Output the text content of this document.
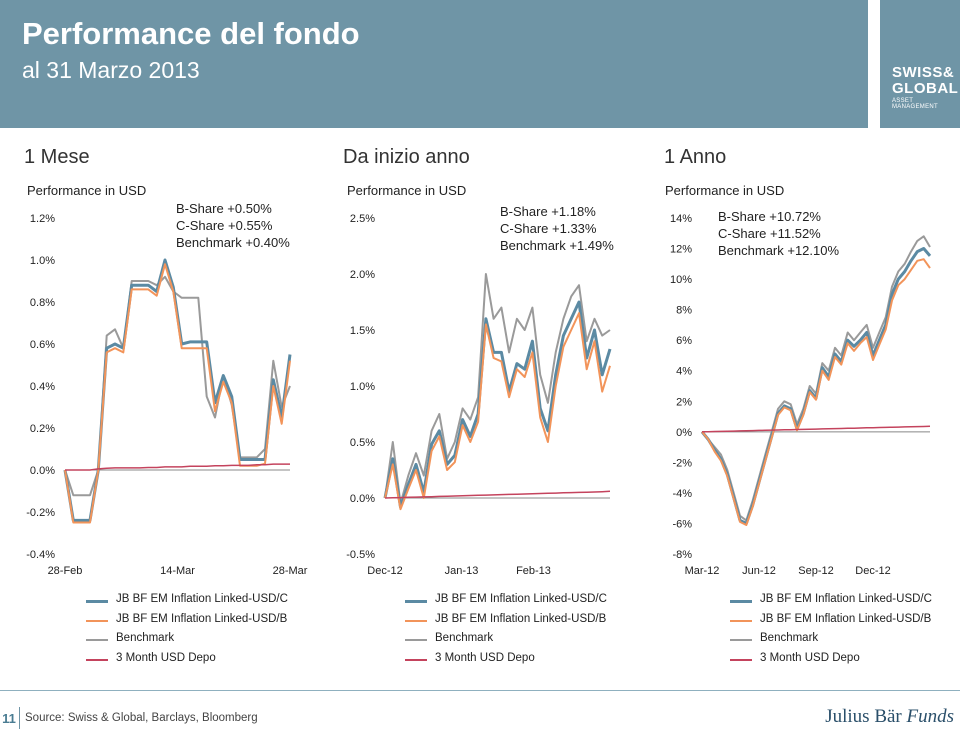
Performance del fondo
al 31 Marzo 2013	SWISS&
GLOBAL
ASSET MANAGEMENT
1 Mese	Da inizio anno	1 Anno
Performance in USD
1.2%
1.0%
0.8%
0.6%
0.4%
0.2%
0.0%
-0.2%
-0.4%
28-Feb	14-Mar	28-Mar
B-Share +0.50%
C-Share +0.55%
Benchmark +0.40%
Performance in USD
2.5%
2.0%
1.5%
1.0%
0.5%
0.0%
-0.5%
Dec-12	Jan-13	Feb-13
B-Share +1.18%
C-Share +1.33%
Benchmark +1.49%
Performance in USD
14%
12%
10%
8%
6%
4%
2%
0%
-2%
-4%
-6%
-8%
Mar-12 Jun-12 Sep-12 Dec-12
B-Share +10.72%
C-Share +11.52%
Benchmark +12.10%
JB BF EM Inflation Linked-USD/C
JB BF EM Inflation Linked-USD/B
Benchmark
3 Month USD Depo
JB BF EM Inflation Linked-USD/C
JB BF EM Inflation Linked-USD/B
Benchmark
3 Month USD Depo
JB BF EM Inflation Linked-USD/C
JB BF EM Inflation Linked-USD/B
Benchmark
3 Month USD Depo
11 Source: Swiss & Global, Barclays, Bloomberg	Julius Bär Funds
